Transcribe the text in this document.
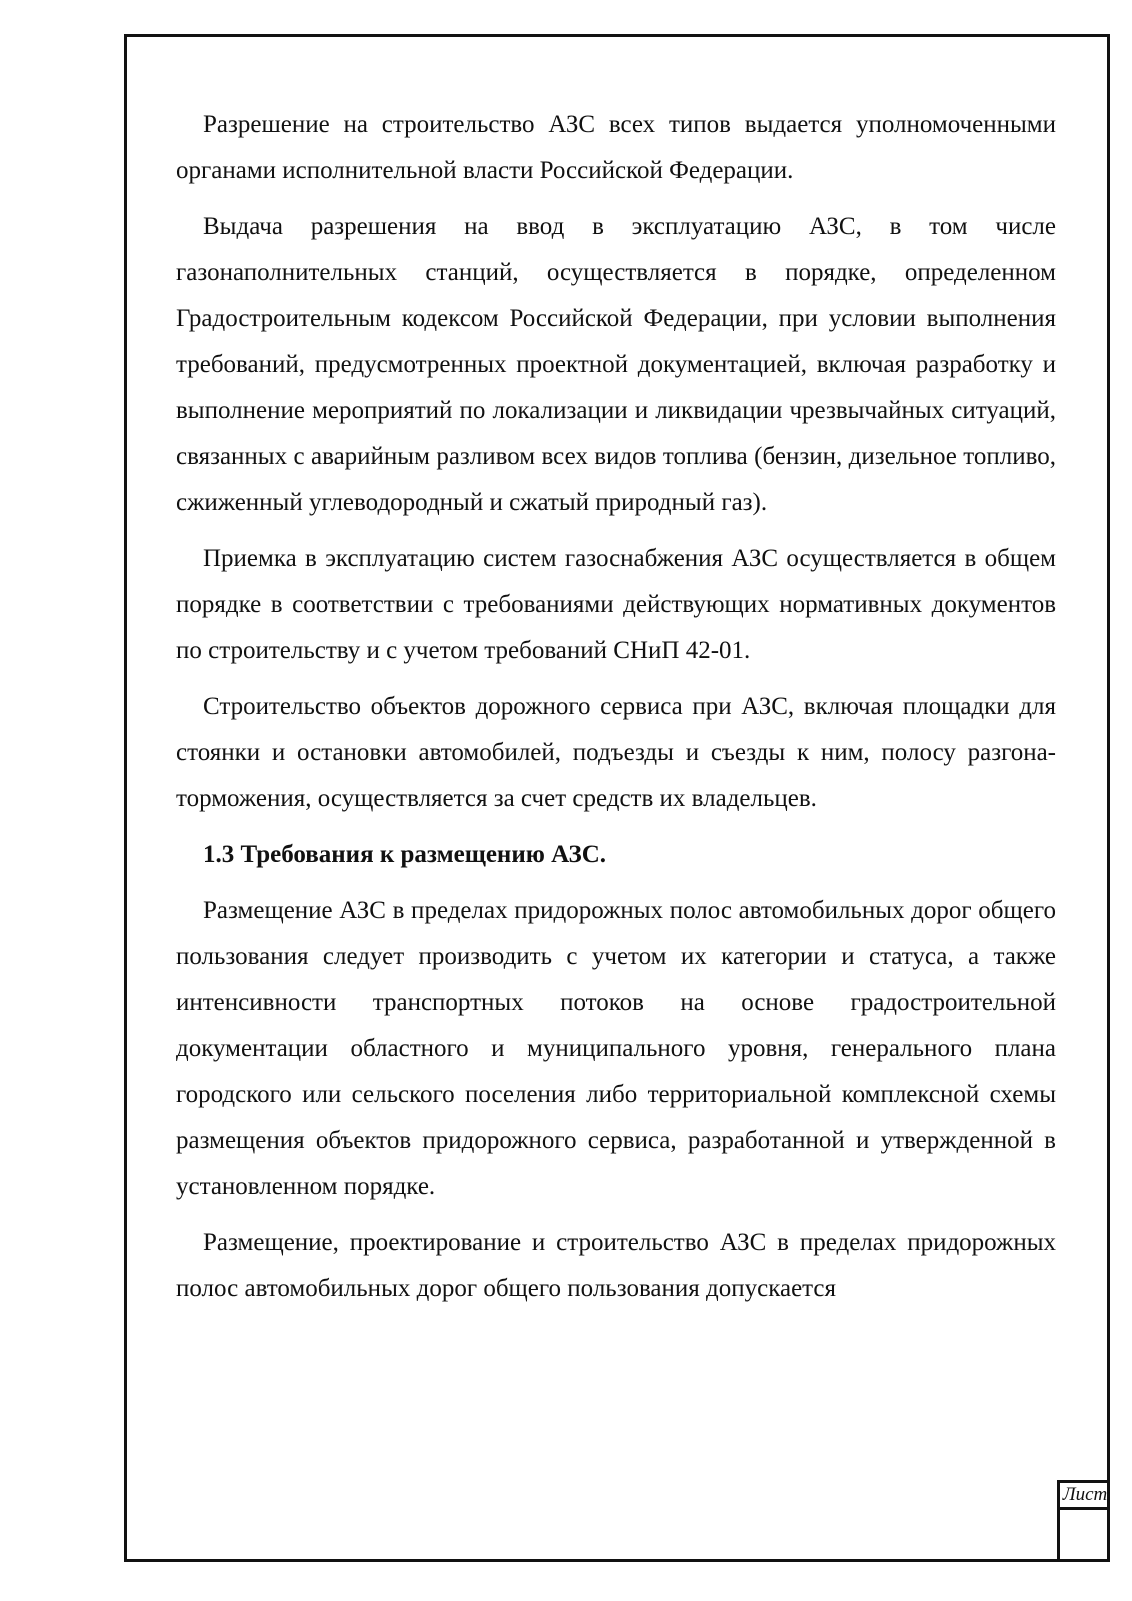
Разрешение на строительство АЗС всех типов выдается уполномоченными органами исполнительной власти Российской Федерации.

Выдача разрешения на ввод в эксплуатацию АЗС, в том числе газонаполнительных станций, осуществляется в порядке, определенном Градостроительным кодексом Российской Федерации, при условии выполнения требований, предусмотренных проектной документацией, включая разработку и выполнение мероприятий по локализации и ликвидации чрезвычайных ситуаций, связанных с аварийным разливом всех видов топлива (бензин, дизельное топливо, сжиженный углеводородный и сжатый природный газ).

Приемка в эксплуатацию систем газоснабжения АЗС осуществляется в общем порядке в соответствии с требованиями действующих нормативных документов по строительству и с учетом требований СНиП 42-01.

Строительство объектов дорожного сервиса при АЗС, включая площадки для стоянки и остановки автомобилей, подъезды и съезды к ним, полосу разгона-торможения, осуществляется за счет средств их владельцев.

1.3 Требования к размещению АЗС.

Размещение АЗС в пределах придорожных полос автомобильных дорог общего пользования следует производить с учетом их категории и статуса, а также интенсивности транспортных потоков на основе градостроительной документации областного и муниципального уровня, генерального плана городского или сельского поселения либо территориальной комплексной схемы размещения объектов придорожного сервиса, разработанной и утвержденной в установленном порядке.

Размещение, проектирование и строительство АЗС в пределах придорожных полос автомобильных дорог общего пользования допускается

Лист
